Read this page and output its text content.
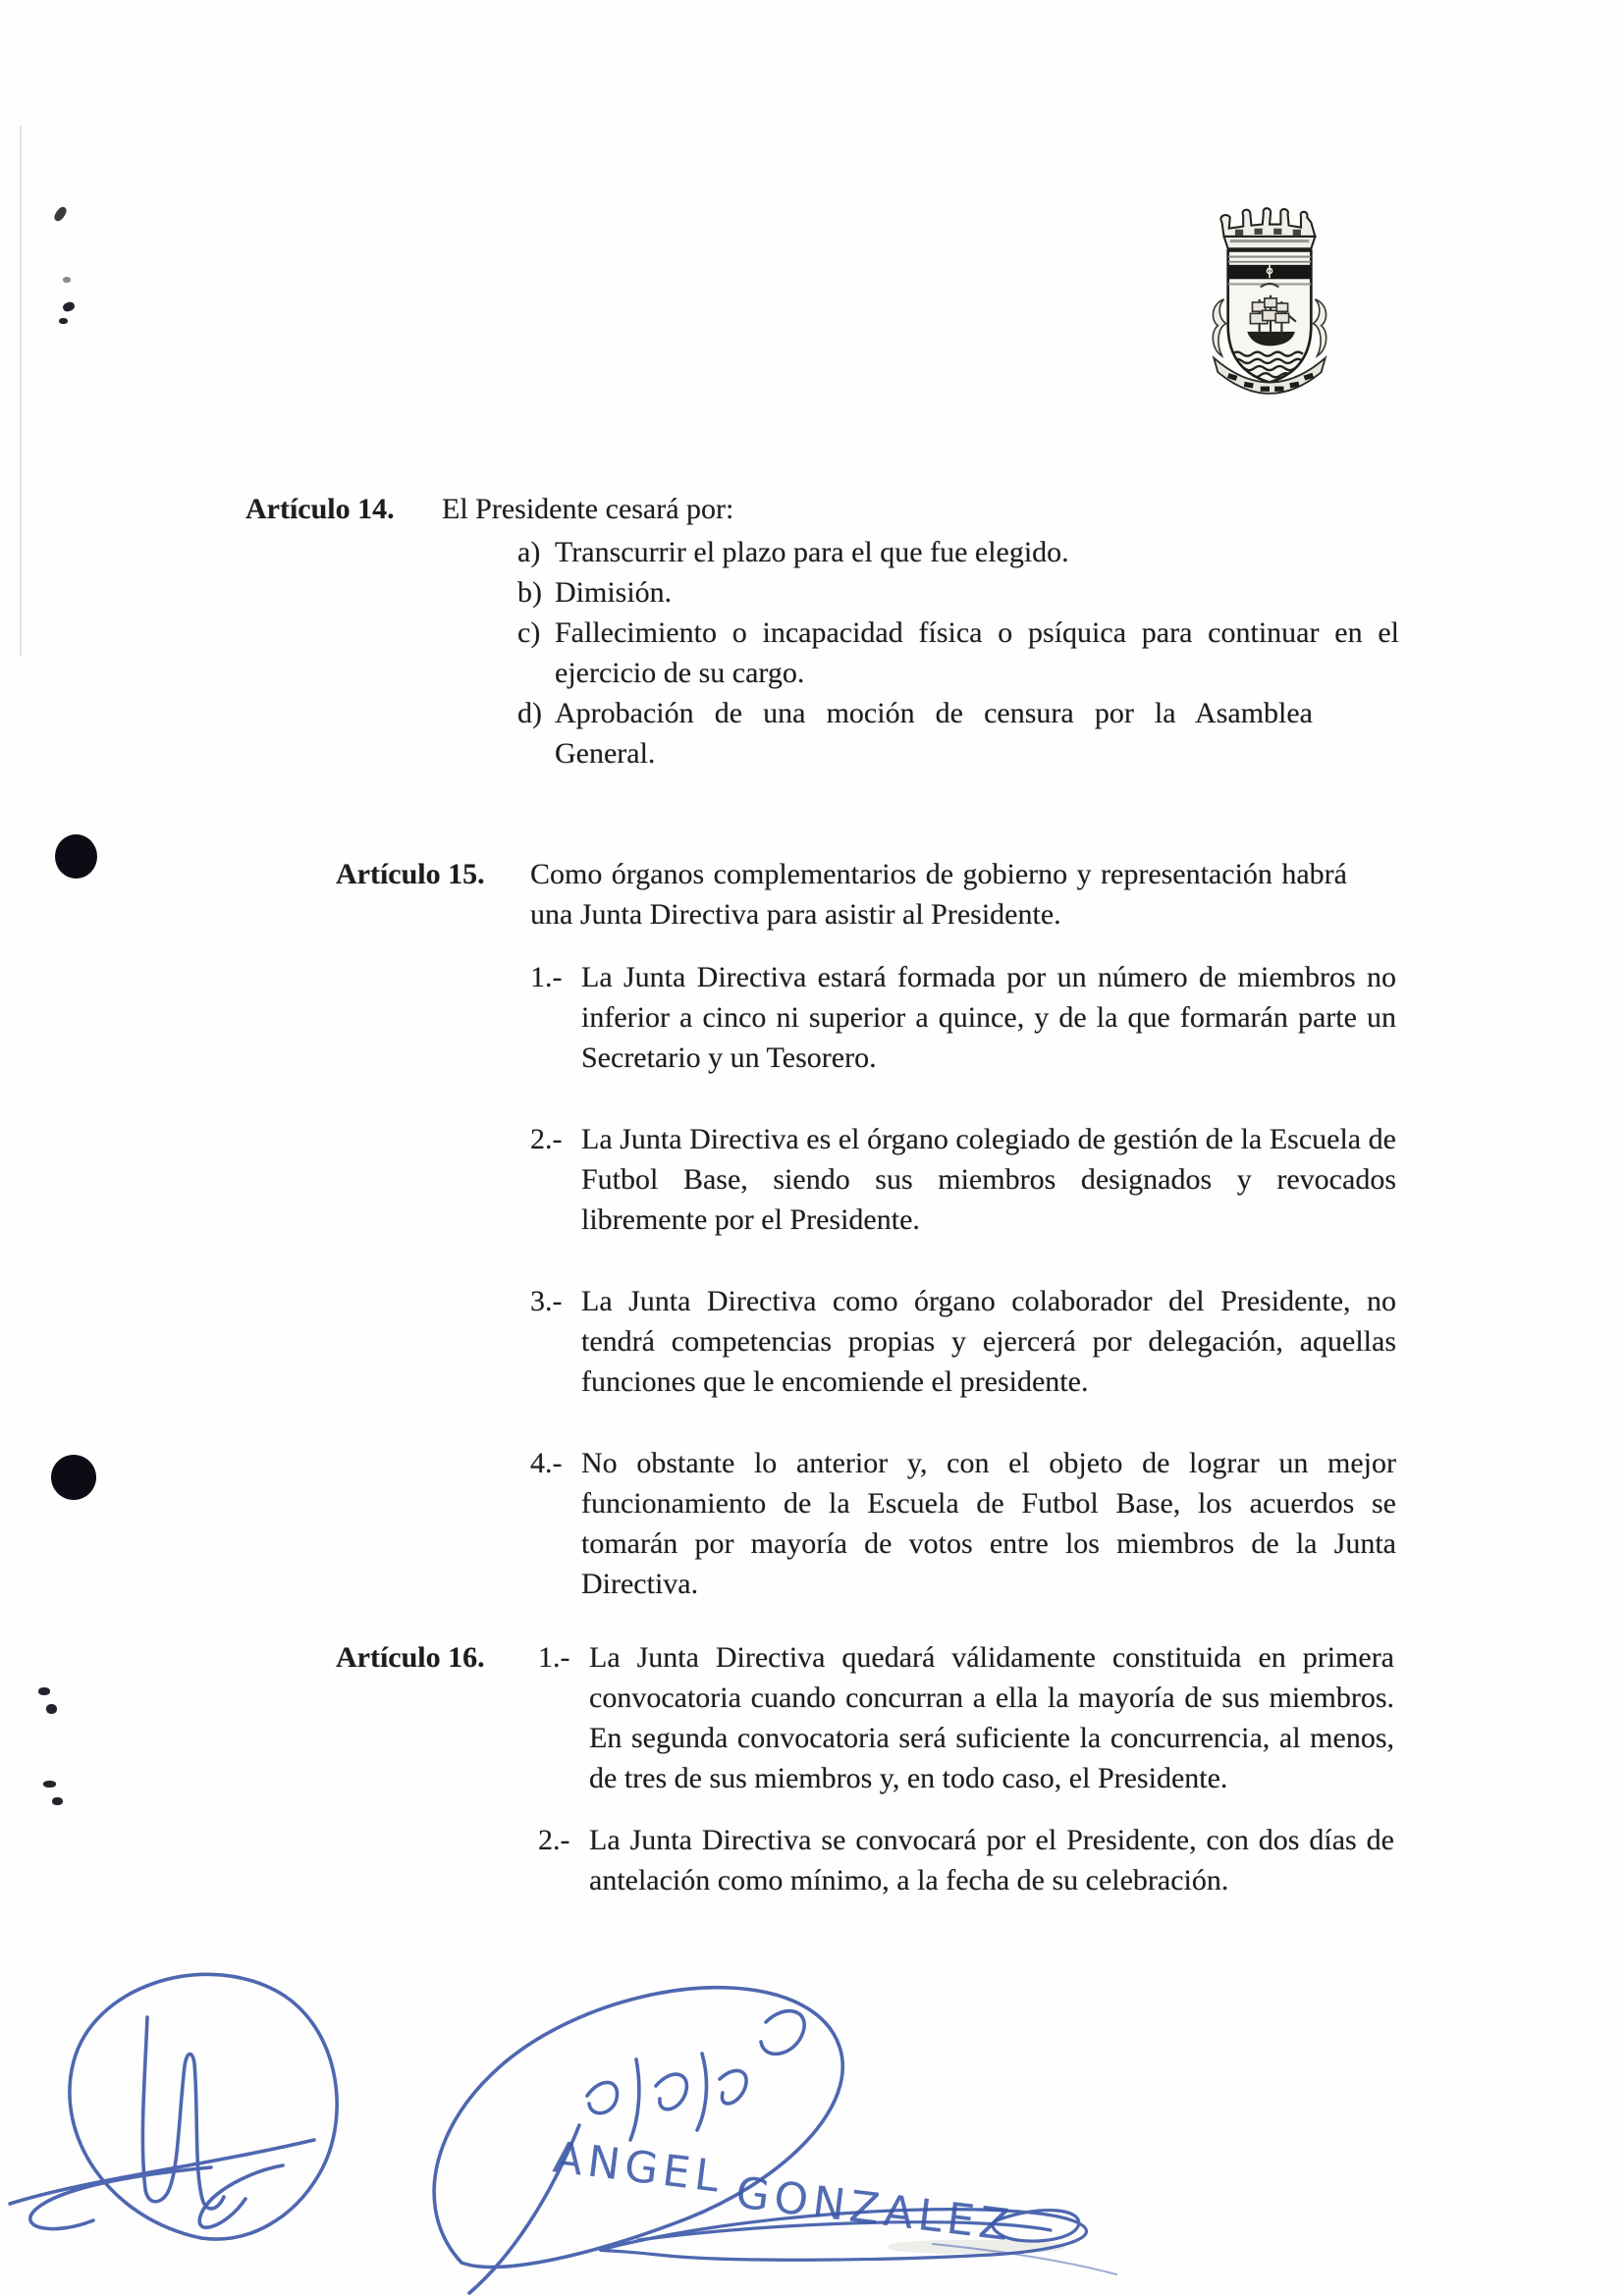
Artículo 14.	El Presidente cesará por:
a) Transcurrir el plazo para el que fue elegido.
b) Dimisión.
c) Fallecimiento o incapacidad física o psíquica para continuar en el ejercicio de su cargo.
d) Aprobación de una moción de censura por la Asamblea General.
Artículo 15.	Como órganos complementarios de gobierno y representación habrá una Junta Directiva para asistir al Presidente.
1.- La Junta Directiva estará formada por un número de miembros no inferior a cinco ni superior a quince, y de la que formarán parte un Secretario y un Tesorero.
2.- La Junta Directiva es el órgano colegiado de gestión de la Escuela de Futbol Base, siendo sus miembros designados y revocados libremente por el Presidente.
3.- La Junta Directiva como órgano colaborador del Presidente, no tendrá competencias propias y ejercerá por delegación, aquellas funciones que le encomiende el presidente.
4.- No obstante lo anterior y, con el objeto de lograr un mejor funcionamiento de la Escuela de Futbol Base, los acuerdos se tomarán por mayoría de votos entre los miembros de la Junta Directiva.
Artículo 16.	1.- La Junta Directiva quedará válidamente constituida en primera convocatoria cuando concurran a ella la mayoría de sus miembros. En segunda convocatoria será suficiente la concurrencia, al menos, de tres de sus miembros y, en todo caso, el Presidente.
2.- La Junta Directiva se convocará por el Presidente, con dos días de antelación como mínimo, a la fecha de su celebración.
ANGEL
GONZALEZ
